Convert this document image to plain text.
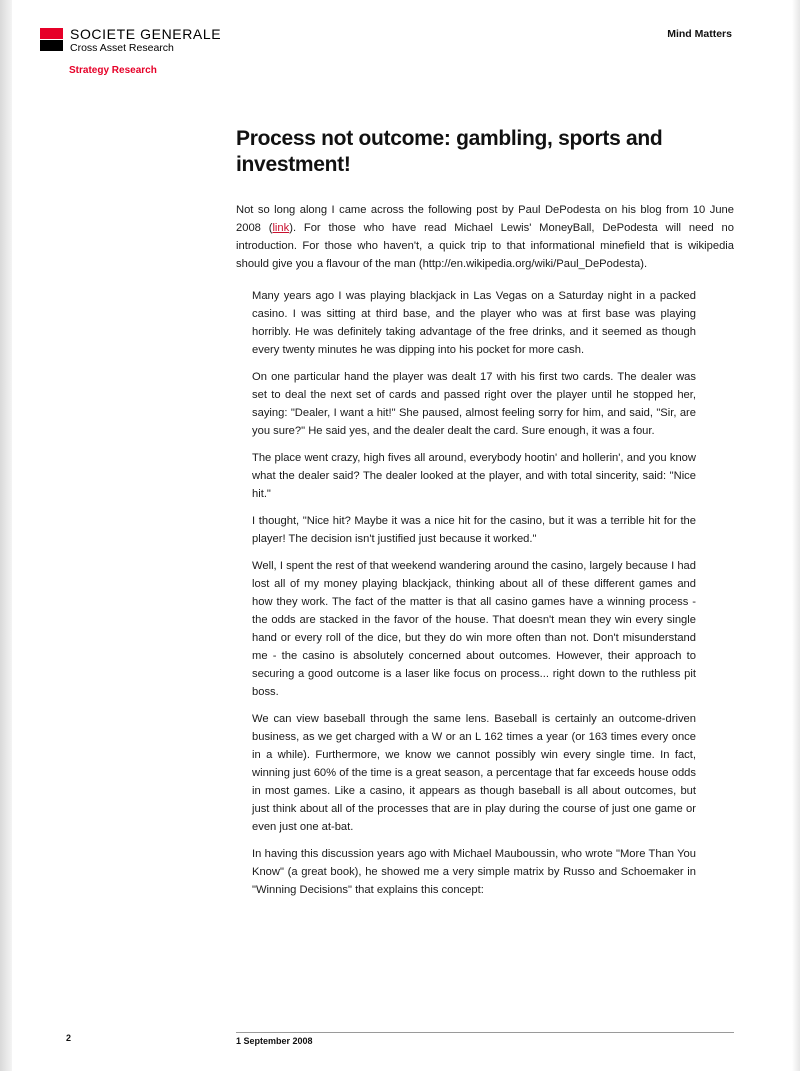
SOCIETE GENERALE
Cross Asset Research
Strategy Research
Mind Matters
Process not outcome: gambling, sports and investment!

Not so long along I came across the following post by Paul DePodesta on his blog from 10 June 2008 (link). For those who have read Michael Lewis' MoneyBall, DePodesta will need no introduction. For those who haven't, a quick trip to that informational minefield that is wikipedia should give you a flavour of the man (http://en.wikipedia.org/wiki/Paul_DePodesta).

Many years ago I was playing blackjack in Las Vegas on a Saturday night in a packed casino. I was sitting at third base, and the player who was at first base was playing horribly. He was definitely taking advantage of the free drinks, and it seemed as though every twenty minutes he was dipping into his pocket for more cash.

On one particular hand the player was dealt 17 with his first two cards. The dealer was set to deal the next set of cards and passed right over the player until he stopped her, saying: "Dealer, I want a hit!" She paused, almost feeling sorry for him, and said, "Sir, are you sure?" He said yes, and the dealer dealt the card. Sure enough, it was a four.

The place went crazy, high fives all around, everybody hootin' and hollerin', and you know what the dealer said? The dealer looked at the player, and with total sincerity, said: "Nice hit."

I thought, "Nice hit? Maybe it was a nice hit for the casino, but it was a terrible hit for the player! The decision isn't justified just because it worked."

Well, I spent the rest of that weekend wandering around the casino, largely because I had lost all of my money playing blackjack, thinking about all of these different games and how they work. The fact of the matter is that all casino games have a winning process - the odds are stacked in the favor of the house. That doesn't mean they win every single hand or every roll of the dice, but they do win more often than not. Don't misunderstand me - the casino is absolutely concerned about outcomes. However, their approach to securing a good outcome is a laser like focus on process... right down to the ruthless pit boss.

We can view baseball through the same lens. Baseball is certainly an outcome-driven business, as we get charged with a W or an L 162 times a year (or 163 times every once in a while). Furthermore, we know we cannot possibly win every single time. In fact, winning just 60% of the time is a great season, a percentage that far exceeds house odds in most games. Like a casino, it appears as though baseball is all about outcomes, but just think about all of the processes that are in play during the course of just one game or even just one at-bat.

In having this discussion years ago with Michael Mauboussin, who wrote "More Than You Know" (a great book), he showed me a very simple matrix by Russo and Schoemaker in "Winning Decisions" that explains this concept:

2	1 September 2008
